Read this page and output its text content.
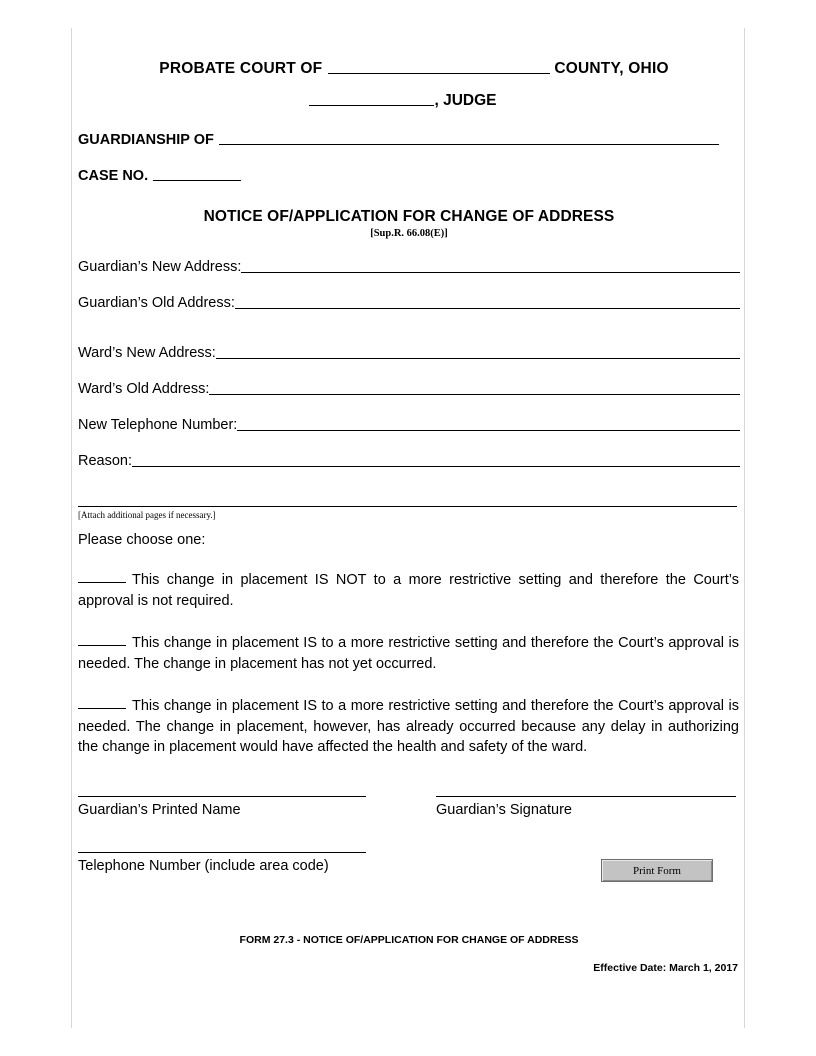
PROBATE COURT OF	COUNTY, OHIO
, JUDGE
GUARDIANSHIP OF
CASE NO.
NOTICE OF/APPLICATION FOR CHANGE OF ADDRESS
[Sup.R. 66.08(E)]
Guardian’s New Address:
Guardian’s Old Address:
Ward’s New Address:
Ward’s Old Address:
New Telephone Number:
Reason:
[Attach additional pages if necessary.]
Please choose one:
This change in placement IS NOT to a more restrictive setting and therefore the Court’s approval is not required.
This change in placement IS to a more restrictive setting and therefore the Court’s approval is needed. The change in placement has not yet occurred.
This change in placement IS to a more restrictive setting and therefore the Court’s approval is needed. The change in placement, however, has already occurred because any delay in authorizing the change in placement would have affected the health and safety of the ward.
Guardian’s Printed Name	Guardian’s Signature
Telephone Number (include area code)	Print Form
FORM 27.3 - NOTICE OF/APPLICATION FOR CHANGE OF ADDRESS
Effective Date: March 1, 2017
